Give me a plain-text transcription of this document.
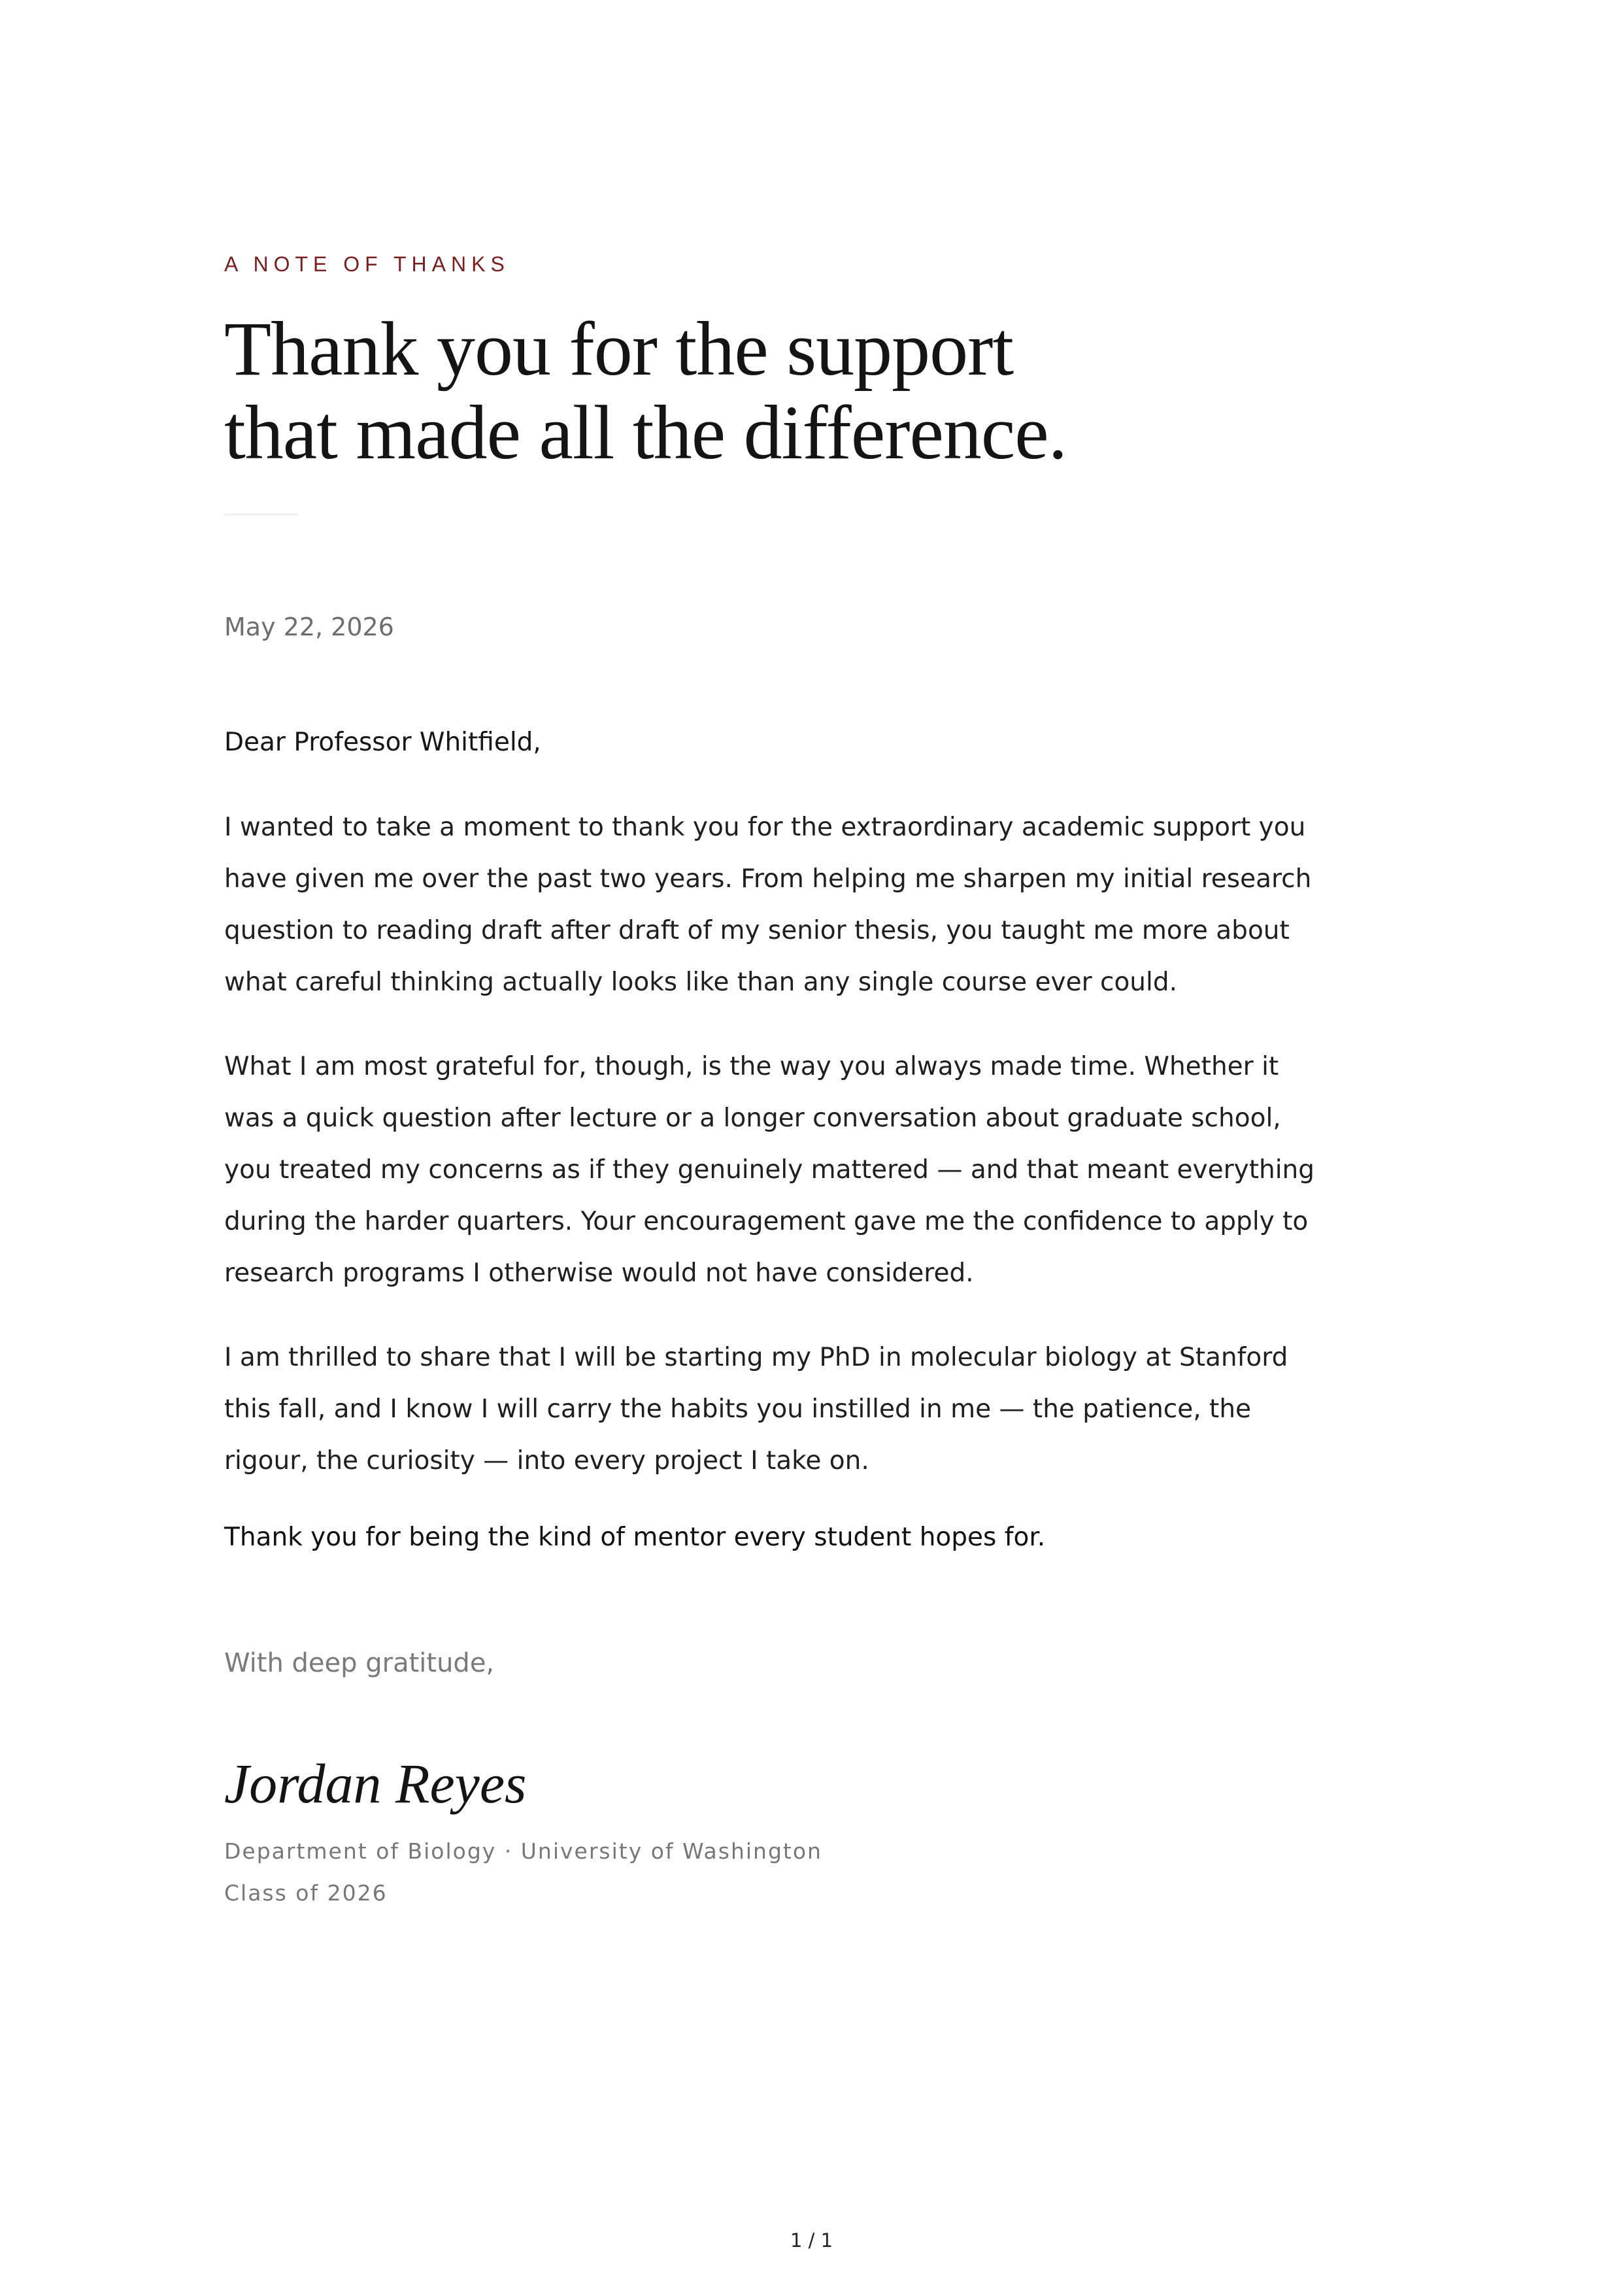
A NOTE OF THANKS

Thank you for the support
that made all the difference.
May 22, 2026
Dear Professor Whitfield,

I wanted to take a moment to thank you for the extraordinary academic support you have given me over the past two years. From helping me sharpen my initial research question to reading draft after draft of my senior thesis, you taught me more about what careful thinking actually looks like than any single course ever could.

What I am most grateful for, though, is the way you always made time. Whether it was a quick question after lecture or a longer conversation about graduate school, you treated my concerns as if they genuinely mattered — and that meant everything during the harder quarters. Your encouragement gave me the confidence to apply to research programs I otherwise would not have considered.

I am thrilled to share that I will be starting my PhD in molecular biology at Stanford this fall, and I know I will carry the habits you instilled in me — the patience, the rigour, the curiosity — into every project I take on.

Thank you for being the kind of mentor every student hopes for.
With deep gratitude,
Jordan Reyes
Department of Biology · University of Washington
Class of 2026
1 / 1
